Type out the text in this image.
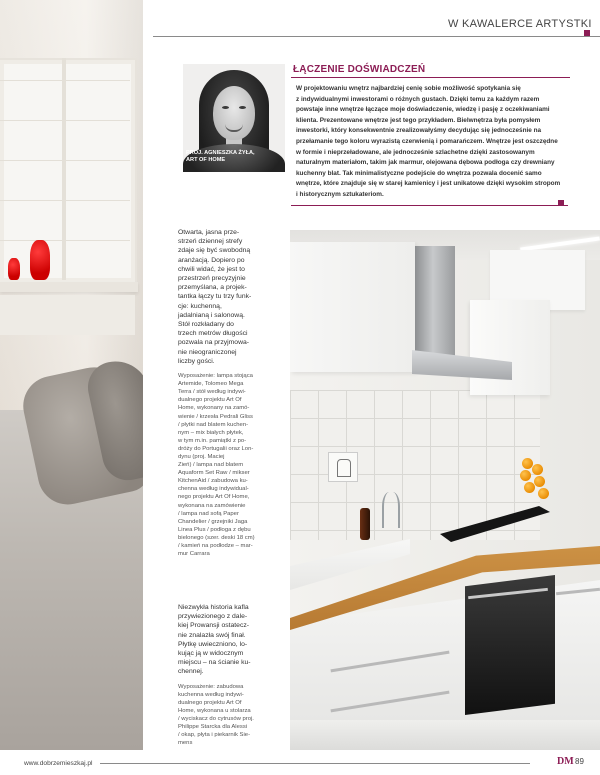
W KAWALERCE ARTYSTKI
PROJ. AGNIESZKA ŻYŁA,
ART OF HOME
ŁĄCZENIE DOŚWIADCZEŃ
W projektowaniu wnętrz najbardziej cenię sobie możliwość spotykania się
z indywidualnymi inwestorami o różnych gustach. Dzięki temu za każdym razem
powstaje inne wnętrze łączące moje doświadczenie, wiedzę i pasję z oczekiwaniami
klienta. Prezentowane wnętrze jest tego przykładem. Bielwnętrza była pomysłem
inwestorki, który konsekwentnie zrealizowałyśmy decydując się jednocześnie na
przełamanie tego koloru wyrazistą czerwienią i pomarańczem. Wnętrze jest oszczędne
w formie i nieprzeładowane, ale jednocześnie szlachetne dzięki zastosowanym
naturalnym materiałom, takim jak marmur, olejowana dębowa podłoga czy drewniany
kuchenny blat. Tak minimalistyczne podejście do wnętrza pozwala docenić samo
wnętrze, które znajduje się w starej kamienicy i jest unikatowe dzięki wysokim stropom
i historycznym sztukateriom.
Otwarta, jasna prze-
strzeń dziennej strefy
zdaje się być swobodną
aranżacją. Dopiero po
chwili widać, że jest to
przestrzeń precyzyjnie
przemyślana, a projek-
tantka łączy tu trzy funk-
cje: kuchenną,
jadalnianą i salonową.
Stół rozkładany do
trzech metrów długości
pozwala na przyjmowa-
nie nieograniczonej
liczby gości.
Wyposażenie: lampa stojąca
Artemide, Tolomeo Mega
Terra / stół według indywi-
dualnego projektu Art Of
Home, wykonany na zamó-
wienie / krzesła Pedrali Gliss
/ płytki nad blatem kuchen-
nym – mix białych płytek,
w tym m.in. pamiątki z po-
dróży do Portugalii oraz Lon-
dynu (proj. Maciej
Zień) / lampa nad blatem
Aquaform Set Raw / mikser
KitchenAid / zabudowa ku-
chenna według indywidual-
nego projektu Art Of Home,
wykonana na zamówienie
/ lampa nad sofą Paper
Chandelier / grzejniki Jaga
Linea Plus / podłoga z dębu
bielonego (szer. deski 18 cm)
/ kamień na podłodze – mar-
mur Carrara
Niezwykła historia kafla
przywiezionego z dale-
kiej Prowansji ostatecz-
nie znalazła swój finał.
Płytkę uwieczniono, lo-
kując ją w widocznym
miejscu – na ścianie ku-
chennej.
Wyposażenie: zabudowa
kuchenna według indywi-
dualnego projektu Art Of
Home, wykonana u stolarza
/ wyciskacz do cytrusów proj.
Philippe Starcka dla Alessi
/ okap, płyta i piekarnik Sie-
mens
www.dobrzemieszkaj.pl	DM 89
